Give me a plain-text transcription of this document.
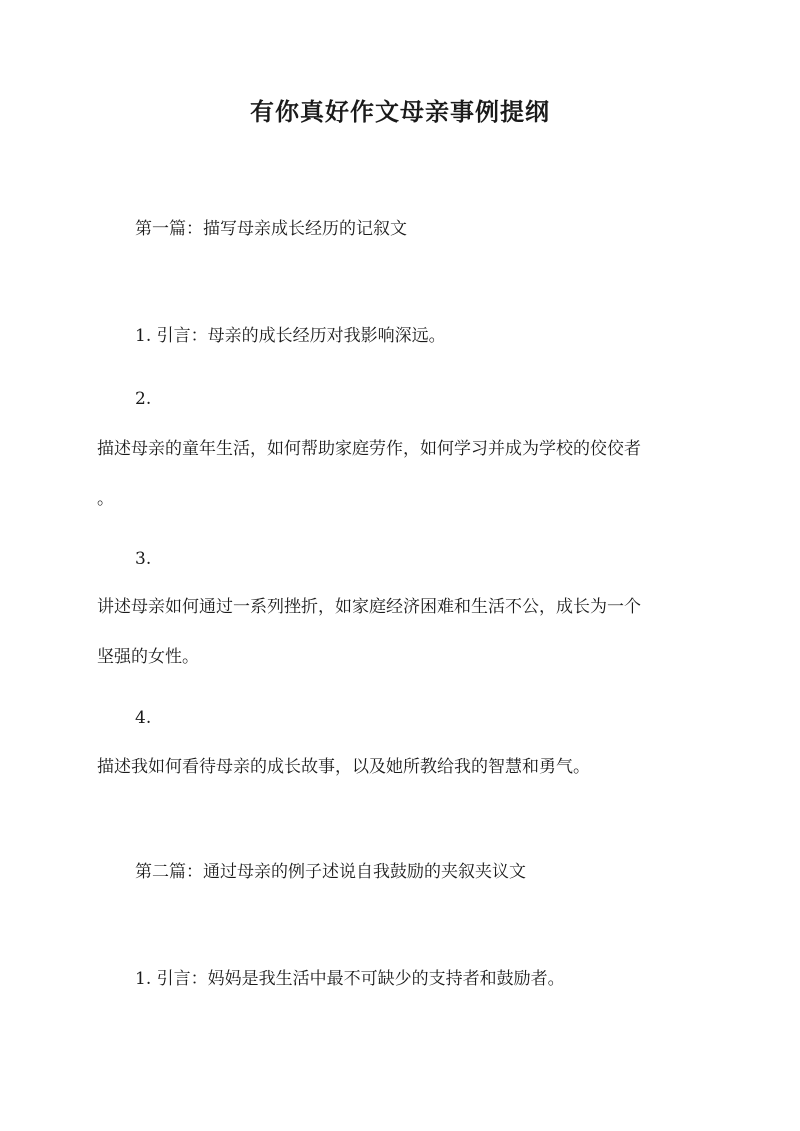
有你真好作文母亲事例提纲
第一篇：描写母亲成长经历的记叙文
1. 引言：母亲的成长经历对我影响深远。
2.
描述母亲的童年生活，如何帮助家庭劳作，如何学习并成为学校的佼佼者
。
3.
讲述母亲如何通过一系列挫折，如家庭经济困难和生活不公，成长为一个
坚强的女性。
4.
描述我如何看待母亲的成长故事，以及她所教给我的智慧和勇气。
第二篇：通过母亲的例子述说自我鼓励的夹叙夹议文
1. 引言：妈妈是我生活中最不可缺少的支持者和鼓励者。
